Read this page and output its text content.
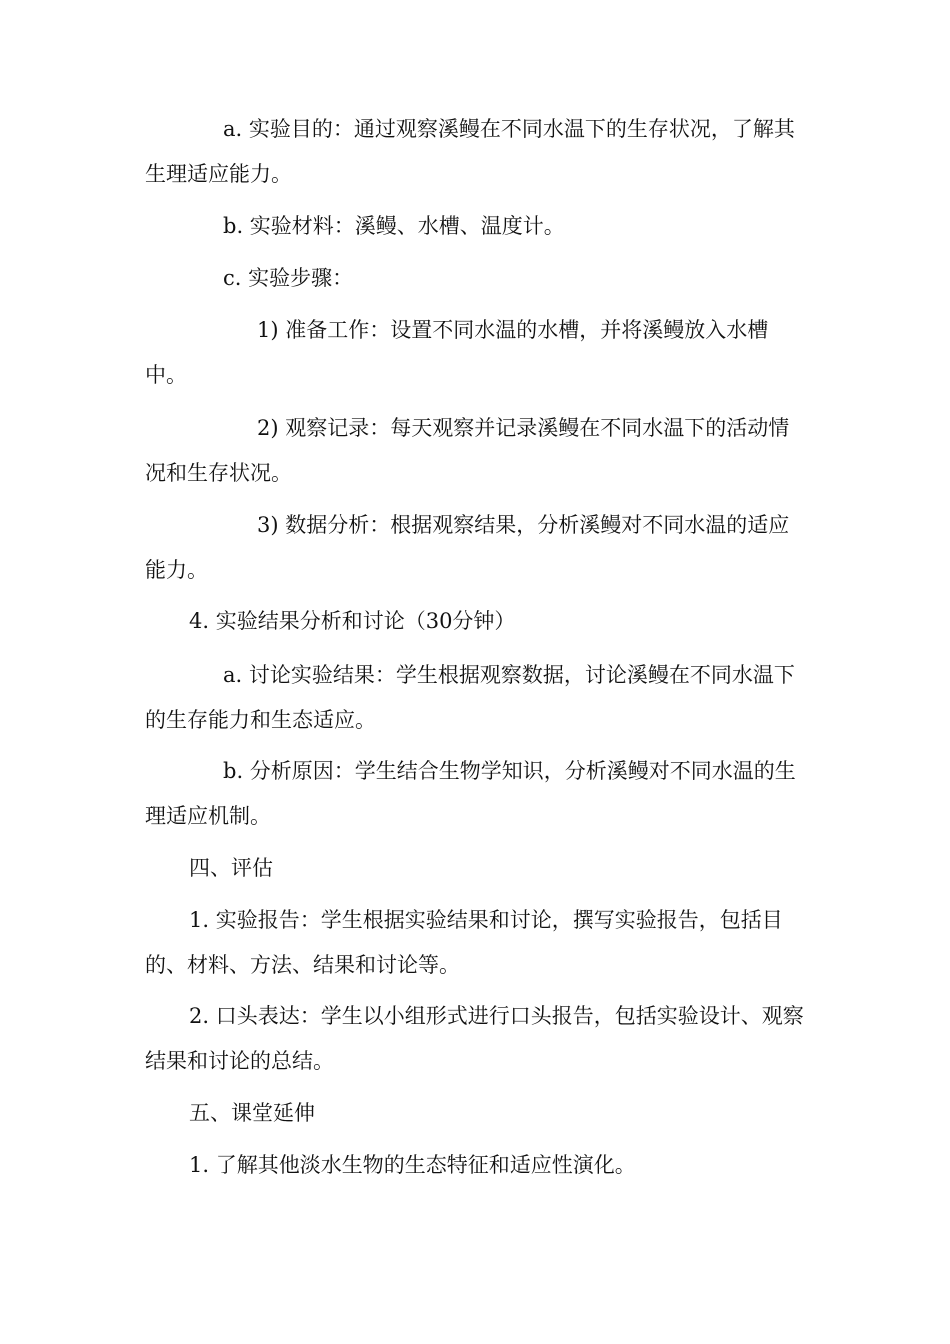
a. 实验目的：通过观察溪鳗在不同水温下的生存状况，了解其生理适应能力。

b. 实验材料：溪鳗、水槽、温度计。

c. 实验步骤：

1) 准备工作：设置不同水温的水槽，并将溪鳗放入水槽中。

2) 观察记录：每天观察并记录溪鳗在不同水温下的活动情况和生存状况。

3) 数据分析：根据观察结果，分析溪鳗对不同水温的适应能力。

4. 实验结果分析和讨论（30分钟）

a. 讨论实验结果：学生根据观察数据，讨论溪鳗在不同水温下的生存能力和生态适应。

b. 分析原因：学生结合生物学知识，分析溪鳗对不同水温的生理适应机制。

四、评估

1. 实验报告：学生根据实验结果和讨论，撰写实验报告，包括目的、材料、方法、结果和讨论等。

2. 口头表达：学生以小组形式进行口头报告，包括实验设计、观察结果和讨论的总结。

五、课堂延伸

1. 了解其他淡水生物的生态特征和适应性演化。
